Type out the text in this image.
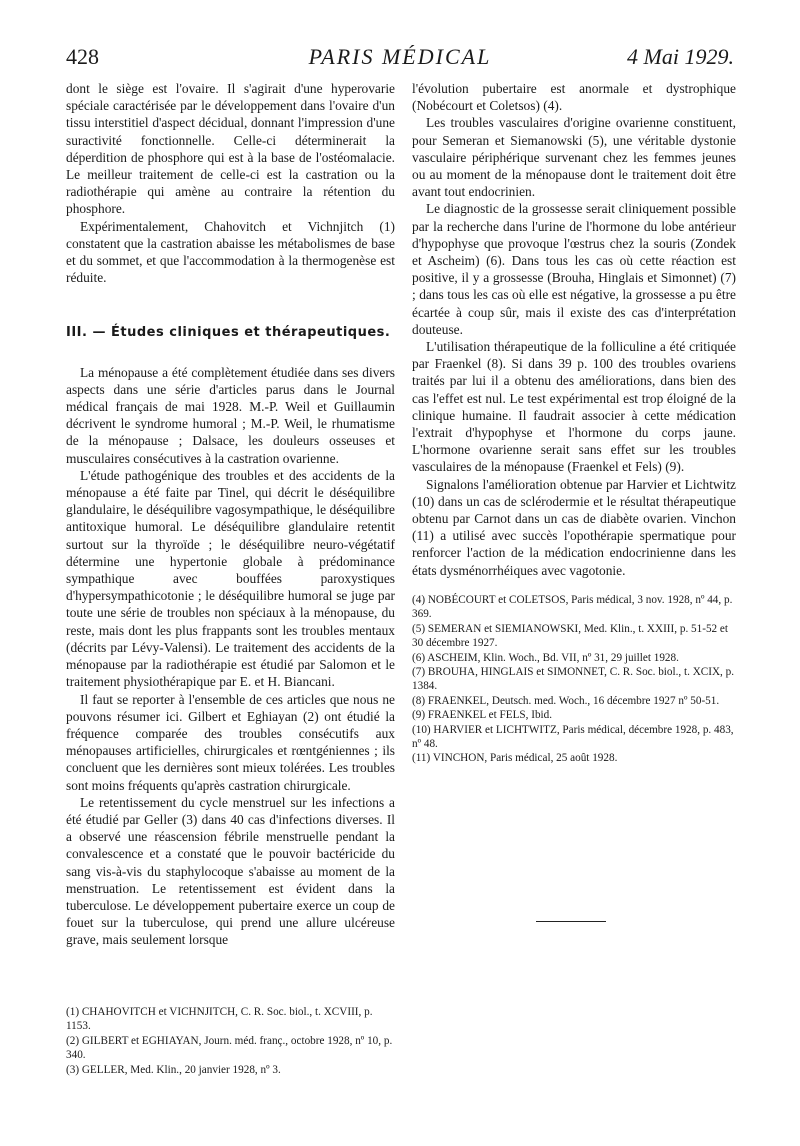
428	PARIS MÉDICAL	4 Mai 1929.

dont le siège est l'ovaire. Il s'agirait d'une hyperovarie spéciale caractérisée par le développement dans l'ovaire d'un tissu interstitiel d'aspect décidual, donnant l'impression d'une suractivité fonctionnelle. Celle-ci déterminerait la déperdition de phosphore qui est à la base de l'ostéomalacie. Le meilleur traitement de celle-ci est la castration ou la radiothérapie qui amène au contraire la rétention du phosphore.

Expérimentalement, Chahovitch et Vichnjitch (1) constatent que la castration abaisse les métabolismes de base et du sommet, et que l'accommodation à la thermogenèse est réduite.

III. — Études cliniques et thérapeutiques.

La ménopause a été complètement étudiée dans ses divers aspects dans une série d'articles parus dans le Journal médical français de mai 1928. M.-P. Weil et Guillaumin décrivent le syndrome humoral ; M.-P. Weil, le rhumatisme de la ménopause ; Dalsace, les douleurs osseuses et musculaires consécutives à la castration ovarienne.

L'étude pathogénique des troubles et des accidents de la ménopause a été faite par Tinel, qui décrit le déséquilibre glandulaire, le déséquilibre vagosympathique, le déséquilibre antitoxique humoral. Le déséquilibre glandulaire retentit surtout sur la thyroïde ; le déséquilibre neuro-végétatif détermine une hypertonie globale à prédominance sympathique avec bouffées paroxystiques d'hypersympathicotonie ; le déséquilibre humoral se juge par toute une série de troubles non spéciaux à la ménopause, du reste, mais dont les plus frappants sont les troubles mentaux (décrits par Lévy-Valensi). Le traitement des accidents de la ménopause par la radiothérapie est étudié par Salomon et le traitement physiothérapique par E. et H. Biancani.

Il faut se reporter à l'ensemble de ces articles que nous ne pouvons résumer ici. Gilbert et Eghiayan (2) ont étudié la fréquence comparée des troubles consécutifs aux ménopauses artificielles, chirurgicales et rœntgéniennes ; ils concluent que les dernières sont mieux tolérées. Les troubles sont moins fréquents qu'après castration chirurgicale.

Le retentissement du cycle menstruel sur les infections a été étudié par Geller (3) dans 40 cas d'infections diverses. Il a observé une réascension fébrile menstruelle pendant la convalescence et a constaté que le pouvoir bactéricide du sang vis-à-vis du staphylocoque s'abaisse au moment de la menstruation. Le retentissement est évident dans la tuberculose. Le développement pubertaire exerce un coup de fouet sur la tuberculose, qui prend une allure ulcéreuse grave, mais seulement lorsque

(1) CHAHOVITCH et VICHNJITCH, C. R. Soc. biol., t. XCVIII, p. 1153.

(2) GILBERT et EGHIAYAN, Journ. méd. franç., octobre 1928, nº 10, p. 340.

(3) GELLER, Med. Klin., 20 janvier 1928, nº 3.

l'évolution pubertaire est anormale et dystrophique (Nobécourt et Coletsos) (4).

Les troubles vasculaires d'origine ovarienne constituent, pour Semeran et Siemanowski (5), une véritable dystonie vasculaire périphérique survenant chez les femmes jeunes ou au moment de la ménopause dont le traitement doit être avant tout endocrinien.

Le diagnostic de la grossesse serait cliniquement possible par la recherche dans l'urine de l'hormone du lobe antérieur d'hypophyse que provoque l'œstrus chez la souris (Zondek et Ascheim) (6). Dans tous les cas où cette réaction est positive, il y a grossesse (Brouha, Hinglais et Simonnet) (7) ; dans tous les cas où elle est négative, la grossesse a pu être écartée à coup sûr, mais il existe des cas d'interprétation douteuse.

L'utilisation thérapeutique de la folliculine a été critiquée par Fraenkel (8). Si dans 39 p. 100 des troubles ovariens traités par lui il a obtenu des améliorations, dans bien des cas l'effet est nul. Le test expérimental est trop éloigné de la clinique humaine. Il faudrait associer à cette médication l'extrait d'hypophyse et l'hormone du corps jaune. L'hormone ovarienne serait sans effet sur les troubles vasculaires de la ménopause (Fraenkel et Fels) (9).

Signalons l'amélioration obtenue par Harvier et Lichtwitz (10) dans un cas de sclérodermie et le résultat thérapeutique obtenu par Carnot dans un cas de diabète ovarien. Vinchon (11) a utilisé avec succès l'opothérapie spermatique pour renforcer l'action de la médication endocrinienne dans les états dysménorrhéiques avec vagotonie.

(4) NOBÉCOURT et COLETSOS, Paris médical, 3 nov. 1928, nº 44, p. 369.

(5) SEMERAN et SIEMIANOWSKI, Med. Klin., t. XXIII, p. 51-52 et 30 décembre 1927.

(6) ASCHEIM, Klin. Woch., Bd. VII, nº 31, 29 juillet 1928.

(7) BROUHA, HINGLAIS et SIMONNET, C. R. Soc. biol., t. XCIX, p. 1384.

(8) FRAENKEL, Deutsch. med. Woch., 16 décembre 1927 nº 50-51.

(9) FRAENKEL et FELS, Ibid.

(10) HARVIER et LICHTWITZ, Paris médical, décembre 1928, p. 483, nº 48.

(11) VINCHON, Paris médical, 25 août 1928.
